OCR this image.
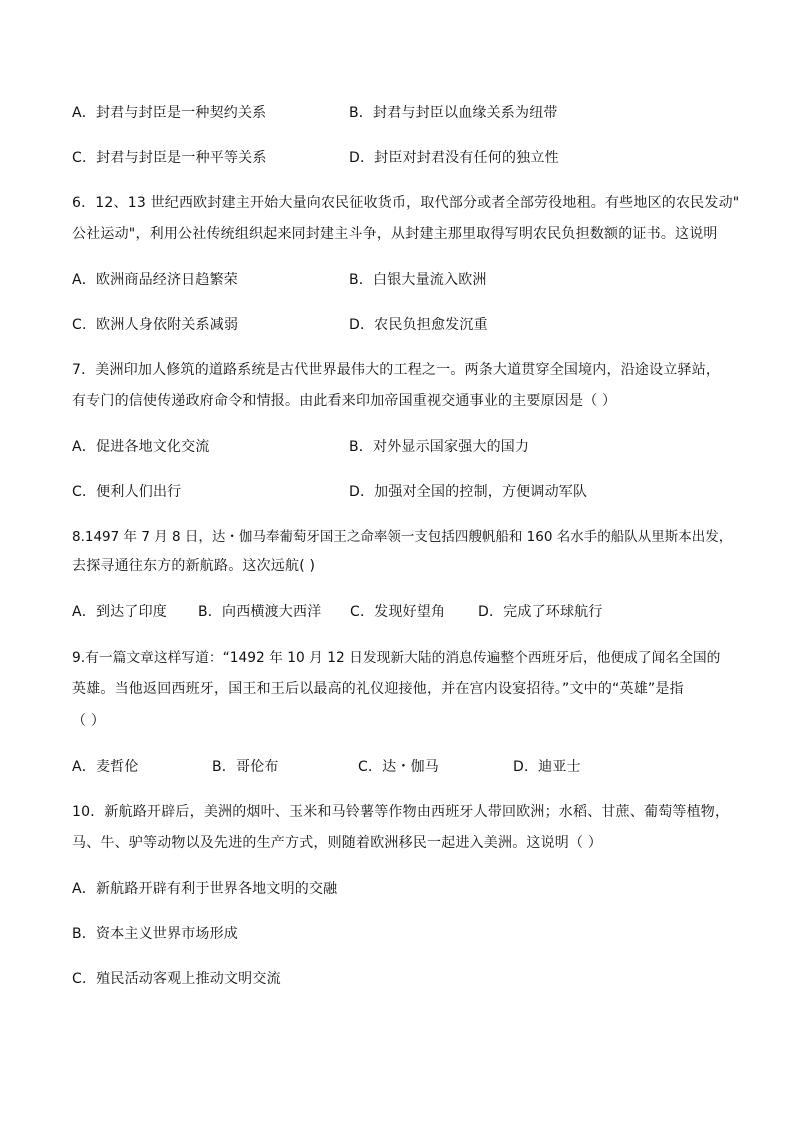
A．封君与封臣是一种契约关系	B．封君与封臣以血缘关系为纽带
C．封君与封臣是一种平等关系	D．封臣对封君没有任何的独立性
6．12、13 世纪西欧封建主开始大量向农民征收货币，取代部分或者全部劳役地租。有些地区的农民发动"
公社运动"，利用公社传统组织起来同封建主斗争，从封建主那里取得写明农民负担数额的证书。这说明
A．欧洲商品经济日趋繁荣	B．白银大量流入欧洲
C．欧洲人身依附关系减弱	D．农民负担愈发沉重
7．美洲印加人修筑的道路系统是古代世界最伟大的工程之一。两条大道贯穿全国境内，沿途设立驿站，
有专门的信使传递政府命令和情报。由此看来印加帝国重视交通事业的主要原因是（ ）
A．促进各地文化交流	B．对外显示国家强大的国力
C．便利人们出行	D．加强对全国的控制，方便调动军队
8.1497 年 7 月 8 日，达・伽马奉葡萄牙国王之命率领一支包括四艘帆船和 160 名水手的船队从里斯本出发，
去探寻通往东方的新航路。这次远航( )
A．到达了印度 B．向西横渡大西洋 C．发现好望角 D．完成了环球航行
9.有一篇文章这样写道：“1492 年 10 月 12 日发现新大陆的消息传遍整个西班牙后，他便成了闻名全国的
英雄。当他返回西班牙，国王和王后以最高的礼仪迎接他，并在宫内设宴招待。”文中的“英雄”是指
（ ）
A．麦哲伦	B．哥伦布	C．达・伽马	D．迪亚士
10．新航路开辟后，美洲的烟叶、玉米和马铃薯等作物由西班牙人带回欧洲；水稻、甘蔗、葡萄等植物，
马、牛、驴等动物以及先进的生产方式，则随着欧洲移民一起进入美洲。这说明（ ）
A．新航路开辟有利于世界各地文明的交融
B．资本主义世界市场形成
C．殖民活动客观上推动文明交流
